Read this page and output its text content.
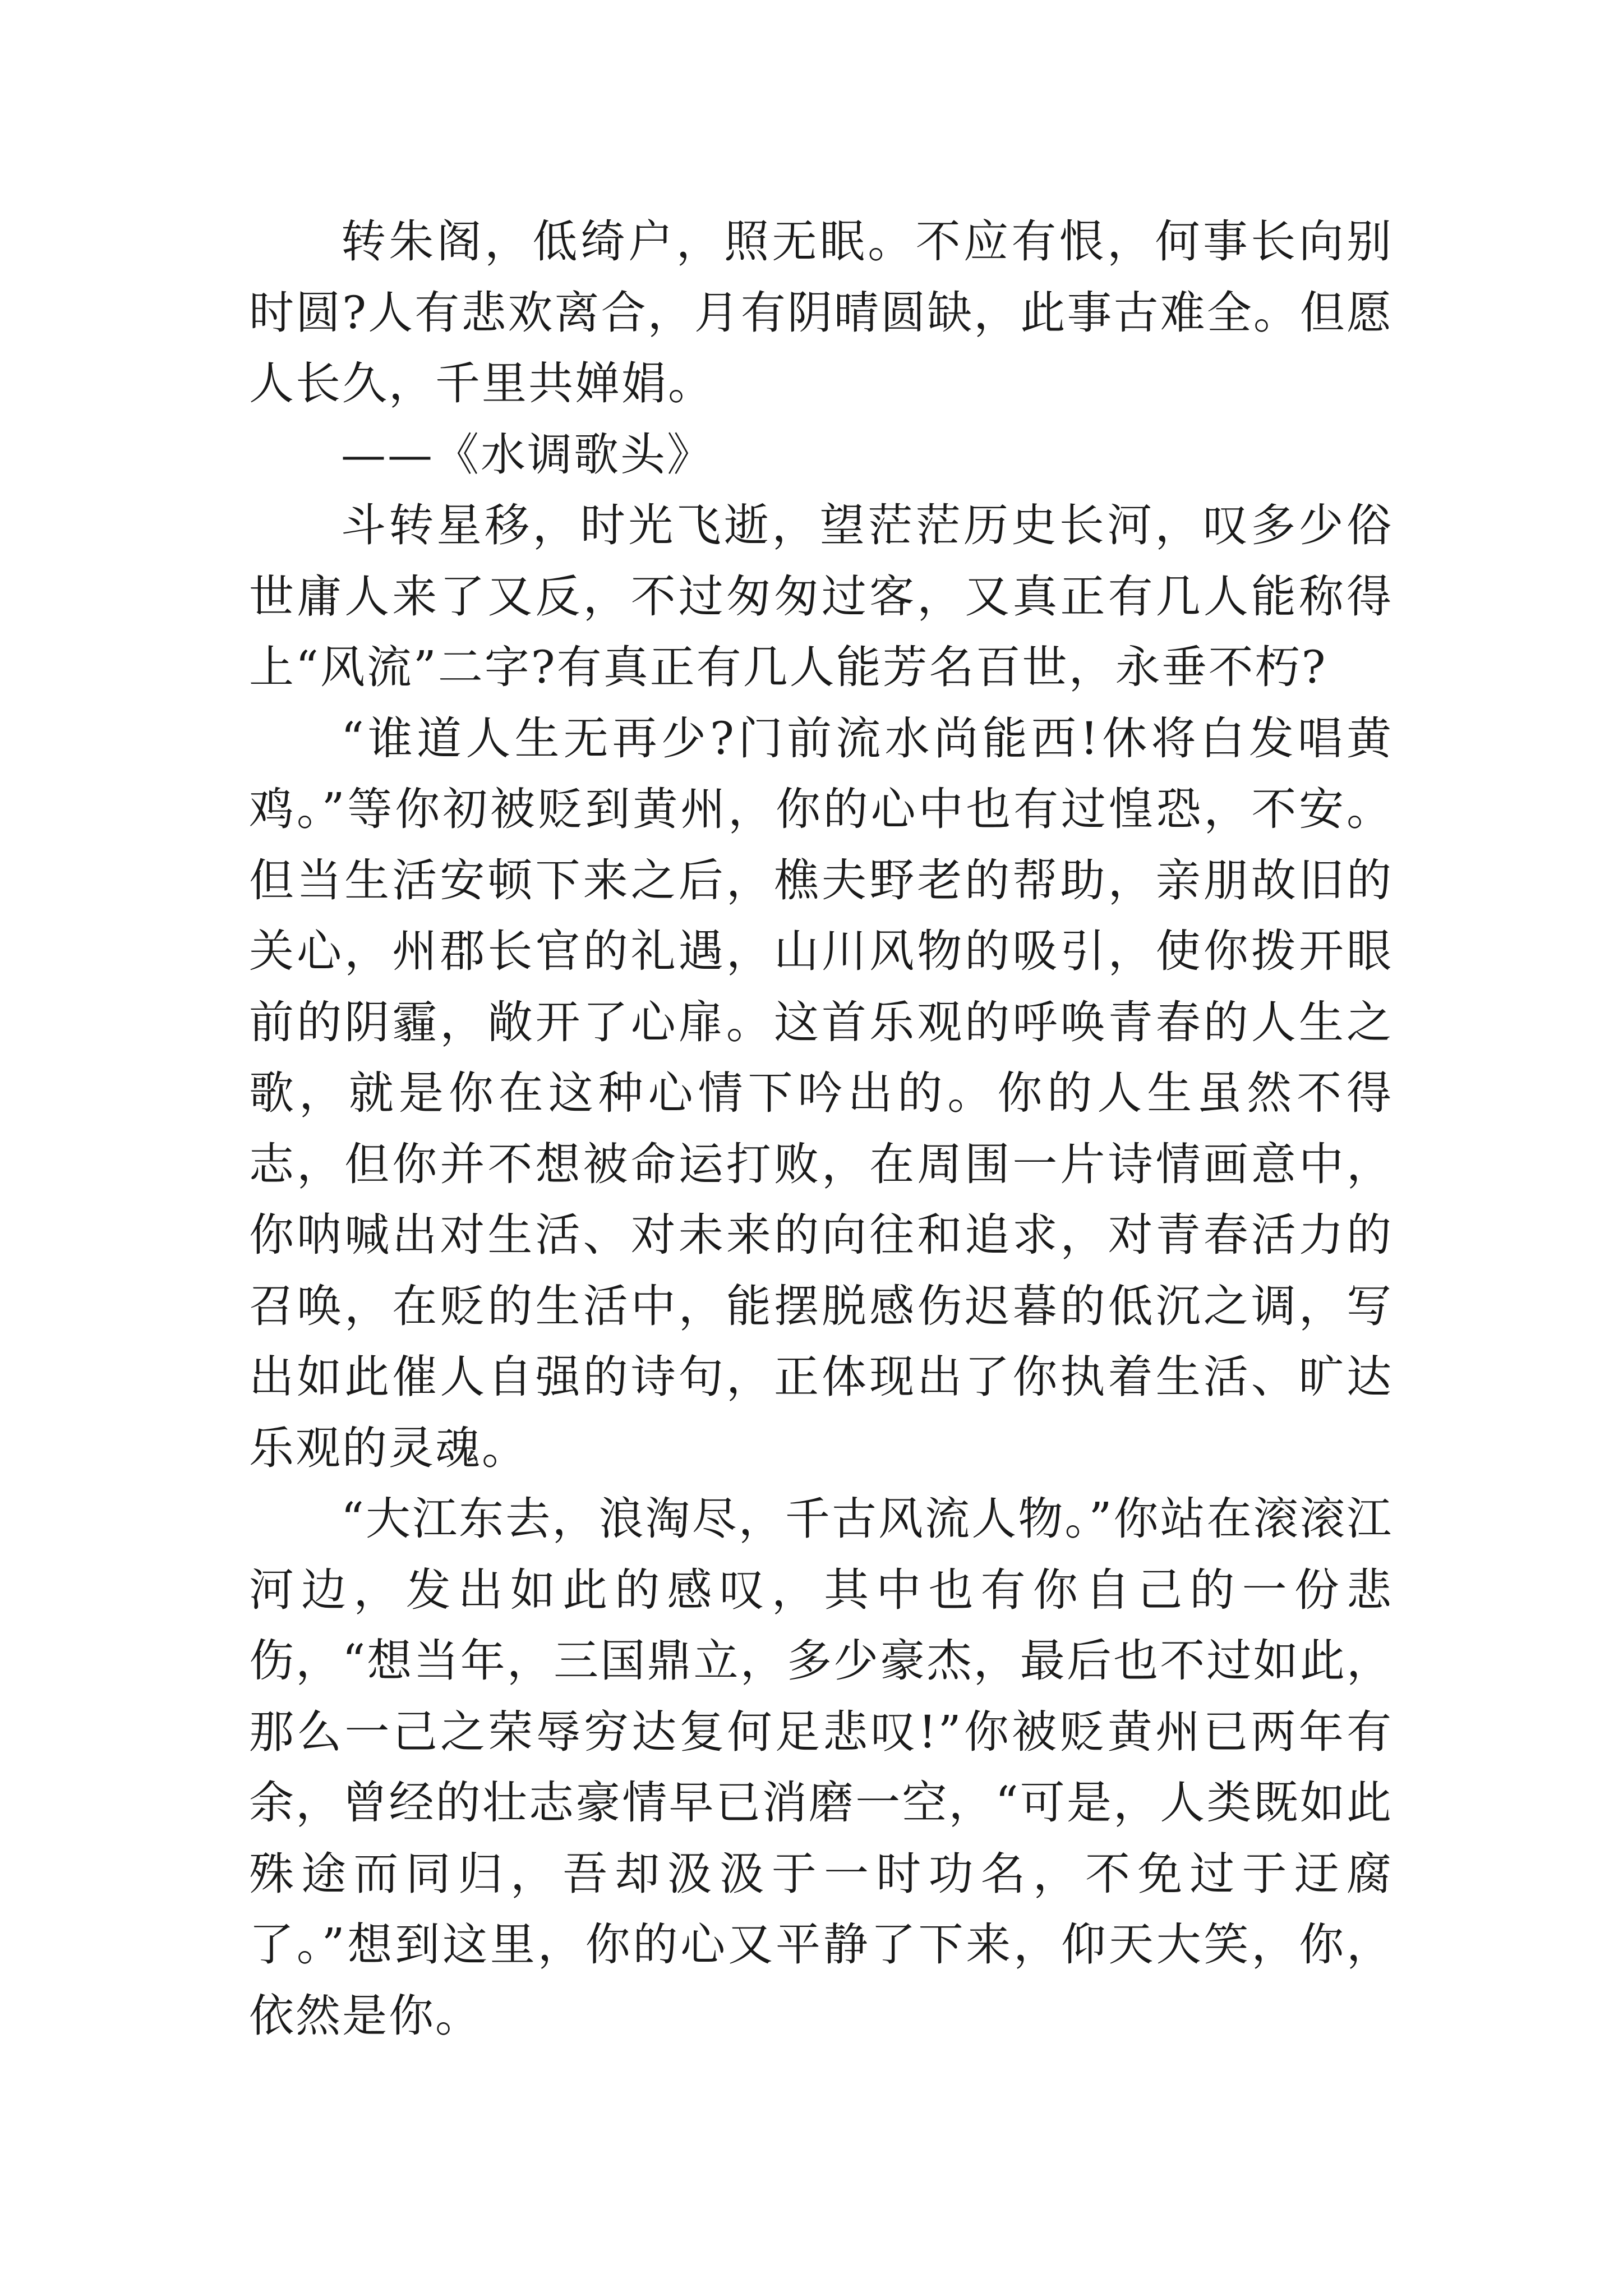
转朱阁，低绮户，照无眠。不应有恨，何事长向别时圆?人有悲欢离合，月有阴晴圆缺，此事古难全。但愿人长久，千里共婵娟。

——《水调歌头》

斗转星移，时光飞逝，望茫茫历史长河，叹多少俗世庸人来了又反，不过匆匆过客，又真正有几人能称得上“风流”二字?有真正有几人能芳名百世，永垂不朽?

“谁道人生无再少?门前流水尚能西!休将白发唱黄鸡。”等你初被贬到黄州，你的心中也有过惶恐，不安。但当生活安顿下来之后，樵夫野老的帮助，亲朋故旧的关心，州郡长官的礼遇，山川风物的吸引，使你拨开眼前的阴霾，敞开了心扉。这首乐观的呼唤青春的人生之歌，就是你在这种心情下吟出的。你的人生虽然不得志，但你并不想被命运打败，在周围一片诗情画意中，你呐喊出对生活、对未来的向往和追求，对青春活力的召唤，在贬的生活中，能摆脱感伤迟暮的低沉之调，写出如此催人自强的诗句，正体现出了你执着生活、旷达乐观的灵魂。

“大江东去，浪淘尽，千古风流人物。”你站在滚滚江河边，发出如此的感叹，其中也有你自己的一份悲伤，“想当年，三国鼎立，多少豪杰，最后也不过如此，那么一己之荣辱穷达复何足悲叹!”你被贬黄州已两年有余，曾经的壮志豪情早已消磨一空，“可是，人类既如此殊途而同归，吾却汲汲于一时功名，不免过于迂腐了。”想到这里，你的心又平静了下来，仰天大笑，你，依然是你。
